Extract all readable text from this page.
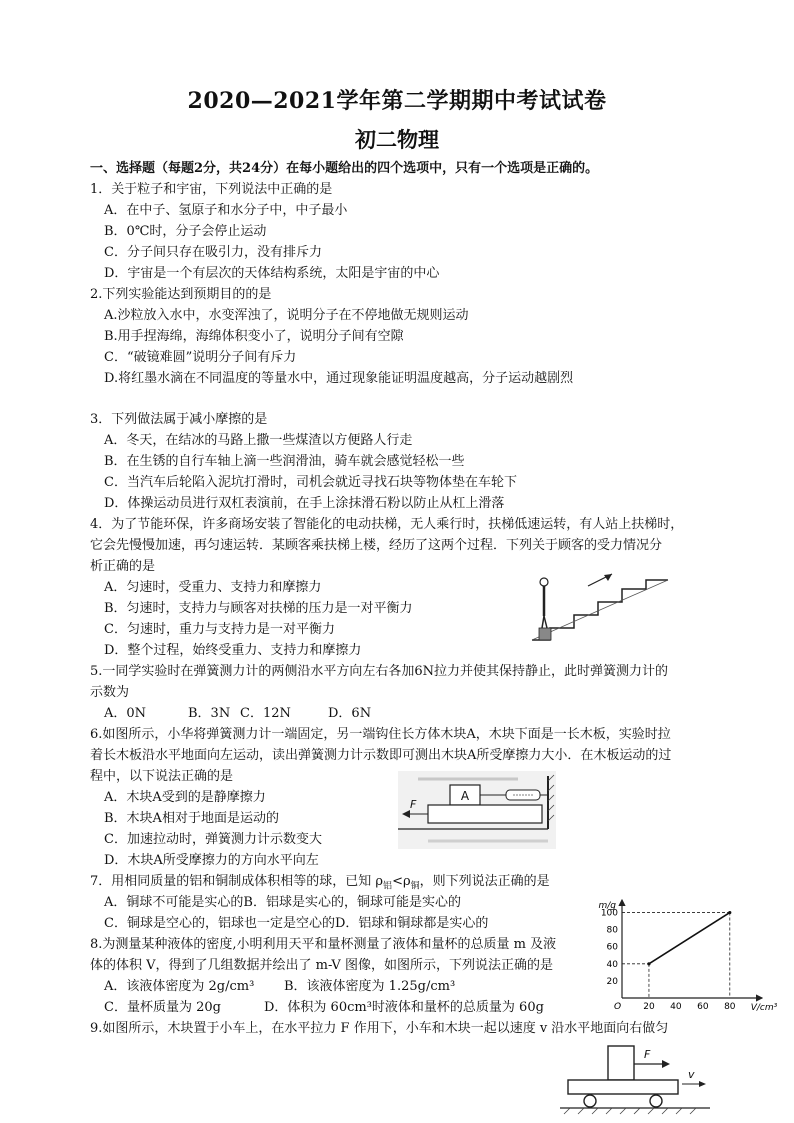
2020—2021学年第二学期期中考试试卷
初二物理
一、选择题（每题2分，共24分）在每小题给出的四个选项中，只有一个选项是正确的。
1．关于粒子和宇宙，下列说法中正确的是
A．在中子、氢原子和水分子中，中子最小
B．0℃时，分子会停止运动
C．分子间只存在吸引力，没有排斥力
D．宇宙是一个有层次的天体结构系统，太阳是宇宙的中心
2.下列实验能达到预期目的的是
A.沙粒放入水中，水变浑浊了，说明分子在不停地做无规则运动
B.用手捏海绵，海绵体积变小了，说明分子间有空隙
C．“破镜难圆”说明分子间有斥力
D.将红墨水滴在不同温度的等量水中，通过现象能证明温度越高，分子运动越剧烈
3．下列做法属于减小摩擦的是
A．冬天，在结冰的马路上撒一些煤渣以方便路人行走
B．在生锈的自行车轴上滴一些润滑油，骑车就会感觉轻松一些
C．当汽车后轮陷入泥坑打滑时，司机会就近寻找石块等物体垫在车轮下
D．体操运动员进行双杠表演前，在手上涂抹滑石粉以防止从杠上滑落
4．为了节能环保，许多商场安装了智能化的电动扶梯，无人乘行时，扶梯低速运转，有人站上扶梯时，
它会先慢慢加速，再匀速运转．某顾客乘扶梯上楼，经历了这两个过程．下列关于顾客的受力情况分
析正确的是
A．匀速时，受重力、支持力和摩擦力
B．匀速时，支持力与顾客对扶梯的压力是一对平衡力
C．匀速时，重力与支持力是一对平衡力
D．整个过程，始终受重力、支持力和摩擦力
5.一同学实验时在弹簧测力计的两侧沿水平方向左右各加6N拉力并使其保持静止，此时弹簧测力计的
示数为
A．0N	B．3N C．12N	D．6N
6.如图所示，小华将弹簧测力计一端固定，另一端钩住长方体木块A，木块下面是一长木板，实验时拉
着长木板沿水平地面向左运动，读出弹簧测力计示数即可测出木块A所受摩擦力大小．在木板运动的过
程中，以下说法正确的是
A．木块A受到的是静摩擦力
B．木块A相对于地面是运动的
C．加速拉动时，弹簧测力计示数变大
D．木块A所受摩擦力的方向水平向左
A
F
7．用相同质量的铝和铜制成体积相等的球，已知 $\rho_铝<\rho_铜$，则下列说法正确的是
A．铜球不可能是实心的B．铝球是实心的，铜球可能是实心的
C．铜球是空心的，铝球也一定是空心的D．铝球和铜球都是实心的
8.为测量某种液体的密度,小明利用天平和量杯测量了液体和量杯的总质量 m 及液
体的体积 V，得到了几组数据并绘出了 m-V 图像，如图所示，下列说法正确的是
A．该液体密度为 2g/cm³ B．该液体密度为 1.25g/cm³
C．量杯质量为 20g	D．体积为 60cm³时液体和量杯的总质量为 60g
m/g
V/cm³
O 20 40 60 80
20
40
60
80
100
9.如图所示，木块置于小车上，在水平拉力 F 作用下，小车和木块一起以速度 v 沿水平地面向右做匀
F
v
